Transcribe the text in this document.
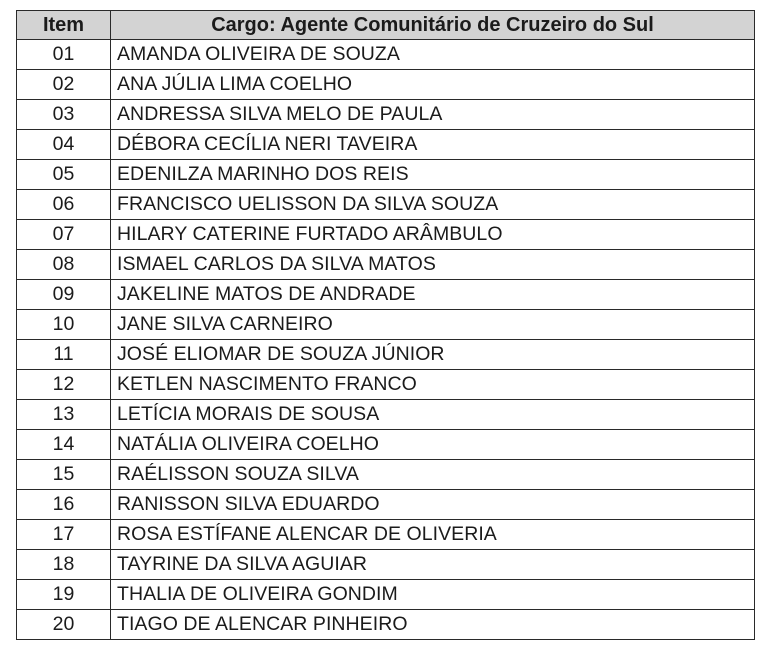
Item	Cargo: Agente Comunitário de Cruzeiro do Sul
01	AMANDA OLIVEIRA DE SOUZA
02	ANA JÚLIA LIMA COELHO
03	ANDRESSA SILVA MELO DE PAULA
04	DÉBORA CECÍLIA NERI TAVEIRA
05	EDENILZA MARINHO DOS REIS
06	FRANCISCO UELISSON DA SILVA SOUZA
07	HILARY CATERINE FURTADO ARÂMBULO
08	ISMAEL CARLOS DA SILVA MATOS
09	JAKELINE MATOS DE ANDRADE
10	JANE SILVA CARNEIRO
11	JOSÉ ELIOMAR DE SOUZA JÚNIOR
12	KETLEN NASCIMENTO FRANCO
13	LETÍCIA MORAIS DE SOUSA
14	NATÁLIA OLIVEIRA COELHO
15	RAÉLISSON SOUZA SILVA
16	RANISSON SILVA EDUARDO
17	ROSA ESTÍFANE ALENCAR DE OLIVERIA
18	TAYRINE DA SILVA AGUIAR
19	THALIA DE OLIVEIRA GONDIM
20	TIAGO DE ALENCAR PINHEIRO
